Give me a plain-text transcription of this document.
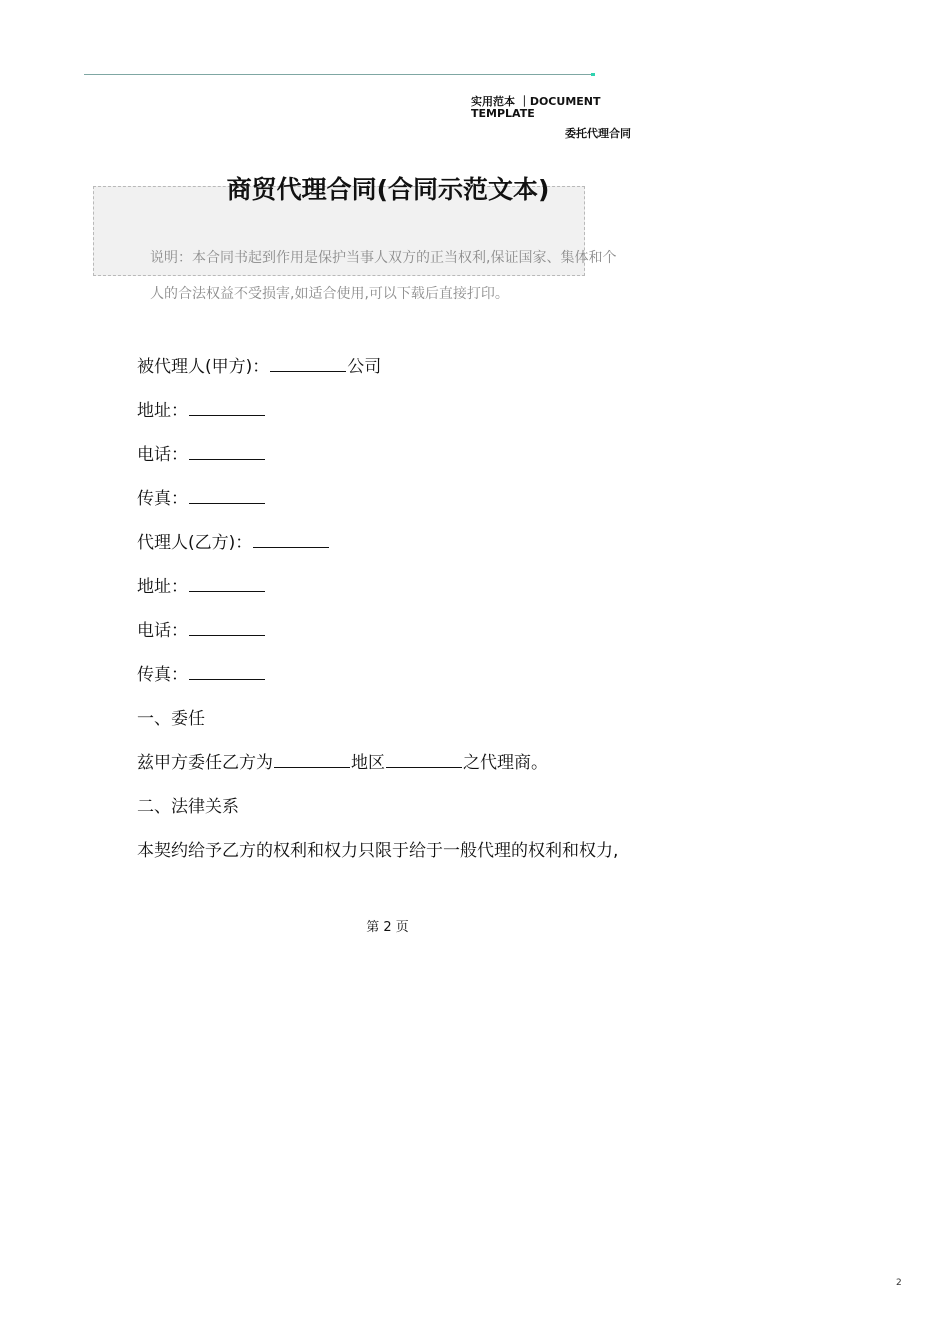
实用范本 ｜DOCUMENT TEMPLATE
委托代理合同
商贸代理合同(合同示范文本)
说明：本合同书起到作用是保护当事人双方的正当权利,保证国家、集体和个人的合法权益不受损害,如适合使用,可以下载后直接打印。
被代理人(甲方)：	公司
地址：
电话：
传真：
代理人(乙方)：
地址：
电话：
传真：
一、委任
兹甲方委任乙方为	地区	之代理商。
二、法律关系
本契约给予乙方的权利和权力只限于给于一般代理的权利和权力,
第 2 页
2
